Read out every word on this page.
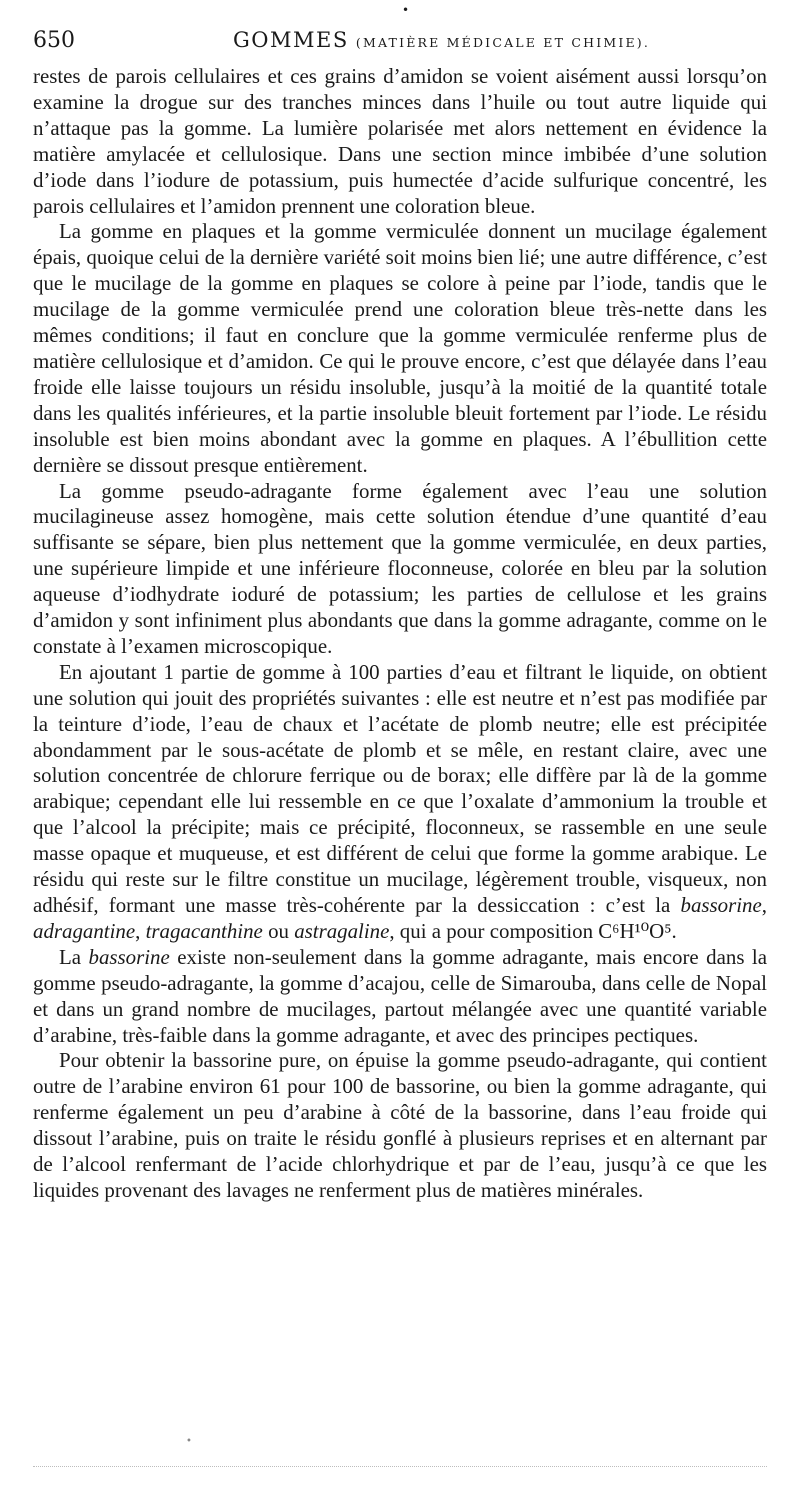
•
650	GOMMES (MATIÈRE MÉDICALE ET CHIMIE).

restes de parois cellulaires et ces grains d’amidon se voient aisément aussi lorsqu’on examine la drogue sur des tranches minces dans l’huile ou tout autre liquide qui n’attaque pas la gomme. La lumière polarisée met alors nettement en évidence la matière amylacée et cellulosique. Dans une section mince imbibée d’une solution d’iode dans l’iodure de potassium, puis humectée d’acide sulfurique concentré, les parois cellulaires et l’amidon prennent une coloration bleue.

La gomme en plaques et la gomme vermiculée donnent un mucilage également épais, quoique celui de la dernière variété soit moins bien lié; une autre différence, c’est que le mucilage de la gomme en plaques se colore à peine par l’iode, tandis que le mucilage de la gomme vermiculée prend une coloration bleue très-nette dans les mêmes conditions; il faut en conclure que la gomme vermiculée renferme plus de matière cellulosique et d’amidon. Ce qui le prouve encore, c’est que délayée dans l’eau froide elle laisse toujours un résidu insoluble, jusqu’à la moitié de la quantité totale dans les qualités inférieures, et la partie insoluble bleuit fortement par l’iode. Le résidu insoluble est bien moins abondant avec la gomme en plaques. A l’ébullition cette dernière se dissout presque entièrement.

La gomme pseudo-adragante forme également avec l’eau une solution mucilagineuse assez homogène, mais cette solution étendue d’une quantité d’eau suffisante se sépare, bien plus nettement que la gomme vermiculée, en deux parties, une supérieure limpide et une inférieure floconneuse, colorée en bleu par la solution aqueuse d’iodhydrate ioduré de potassium; les parties de cellulose et les grains d’amidon y sont infiniment plus abondants que dans la gomme adragante, comme on le constate à l’examen microscopique.

En ajoutant 1 partie de gomme à 100 parties d’eau et filtrant le liquide, on obtient une solution qui jouit des propriétés suivantes : elle est neutre et n’est pas modifiée par la teinture d’iode, l’eau de chaux et l’acétate de plomb neutre; elle est précipitée abondamment par le sous-acétate de plomb et se mêle, en restant claire, avec une solution concentrée de chlorure ferrique ou de borax; elle diffère par là de la gomme arabique; cependant elle lui ressemble en ce que l’oxalate d’ammonium la trouble et que l’alcool la précipite; mais ce précipité, floconneux, se rassemble en une seule masse opaque et muqueuse, et est différent de celui que forme la gomme arabique. Le résidu qui reste sur le filtre constitue un mucilage, légèrement trouble, visqueux, non adhésif, formant une masse très-cohérente par la dessiccation : c’est la bassorine, adragantine, tragacanthine ou astragaline, qui a pour composition C⁶H¹⁰O⁵.

La bassorine existe non-seulement dans la gomme adragante, mais encore dans la gomme pseudo-adragante, la gomme d’acajou, celle de Simarouba, dans celle de Nopal et dans un grand nombre de mucilages, partout mélangée avec une quantité variable d’arabine, très-faible dans la gomme adragante, et avec des principes pectiques.

Pour obtenir la bassorine pure, on épuise la gomme pseudo-adragante, qui contient outre de l’arabine environ 61 pour 100 de bassorine, ou bien la gomme adragante, qui renferme également un peu d’arabine à côté de la bassorine, dans l’eau froide qui dissout l’arabine, puis on traite le résidu gonflé à plusieurs reprises et en alternant par de l’alcool renfermant de l’acide chlorhydrique et par de l’eau, jusqu’à ce que les liquides provenant des lavages ne renferment plus de matières minérales.

•
